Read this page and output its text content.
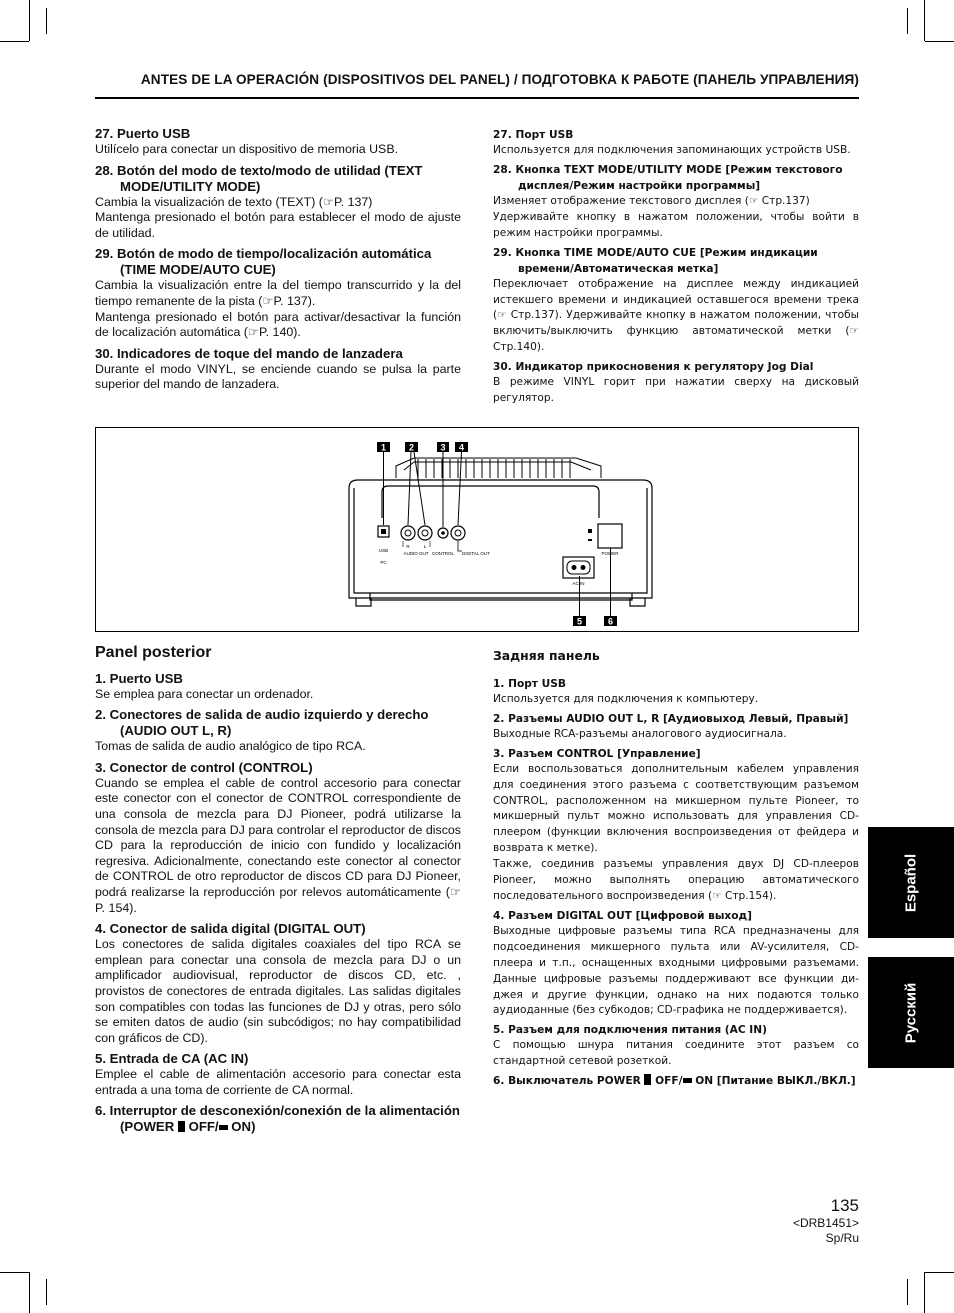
ANTES DE LA OPERACIÓN (DISPOSITIVOS DEL PANEL) / ПОДГОТОВКА К РАБОТЕ (ПАНЕЛЬ УПРАВЛЕНИЯ)
27. Puerto USB

Utilícelo para conectar un dispositivo de memoria USB.

28. Botón del modo de texto/modo de utilidad (TEXT MODE/UTILITY MODE)

Cambia la visualización de texto (TEXT) (☞P. 137)

Mantenga presionado el botón para establecer el modo de ajuste de utilidad.

29. Botón de modo de tiempo/localización automática (TIME MODE/AUTO CUE)

Cambia la visualización entre la del tiempo transcurrido y la del tiempo remanente de la pista (☞P. 137).

Mantenga presionado el botón para activar/desactivar la función de localización automática (☞P. 140).

30. Indicadores de toque del mando de lanzadera

Durante el modo VINYL, se enciende cuando se pulsa la parte superior del mando de lanzadera.

27. Порт USB

Используется для подключения запоминающих устройств USB.

28. Кнопка TEXT MODE/UTILITY MODE [Режим текстового дисплея/Режим настройки программы]

Изменяет отображение текстового дисплея (☞ Стр.137)

Удерживайте кнопку в нажатом положении, чтобы войти в режим настройки программы.

29. Кнопка TIME MODE/AUTO CUE [Режим индикации времени/Автоматическая метка]

Переключает отображение на дисплее между индикацией истекшего времени и индикацией оставшегося времени трека (☞ Стр.137). Удерживайте кнопку в нажатом положении, чтобы включить/выключить функцию автоматической метки (☞ Стр.140).

30. Индикатор прикосновения к регулятору Jog Dial

В режиме VINYL горит при нажатии сверху на дисковый регулятор.

1	2	3 4
5	6
USB
PC
R	L
AUDIO OUT CONTROL DIGITAL OUT	POWER
AC IN
Panel posterior
1. Puerto USB

Se emplea para conectar un ordenador.

2. Conectores de salida de audio izquierdo y derecho (AUDIO OUT L, R)

Tomas de salida de audio analógico de tipo RCA.

3. Conector de control (CONTROL)

Cuando se emplea el cable de control accesorio para conectar este conector con el conector de CONTROL correspondiente de una consola de mezcla para DJ Pioneer, podrá utilizarse la consola de mezcla para DJ para controlar el reproductor de discos CD para la reproducción de inicio con fundido y localización regresiva. Adicionalmente, conectando este conector al conector de CONTROL de otro reproductor de discos CD para DJ Pioneer, podrá realizarse la reproducción por relevos automáticamente (☞ P. 154).

4. Conector de salida digital (DIGITAL OUT)

Los conectores de salida digitales coaxiales del tipo RCA se emplean para conectar una consola de mezcla para DJ o un amplificador audiovisual, reproductor de discos CD, etc. , provistos de conectores de entrada digitales. Las salidas digitales son compatibles con todas las funciones de DJ y otras, pero sólo se emiten datos de audio (sin subcódigos; no hay compatibilidad con gráficos de CD).

5. Entrada de CA (AC IN)

Emplee el cable de alimentación accesorio para conectar esta entrada a una toma de corriente de CA normal.

6. Interruptor de desconexión/conexión de la alimentación (POWER OFF/ ON)
Задняя панель
1. Порт USB

Используется для подключения к компьютеру.

2. Разъемы AUDIO OUT L, R [Аудиовыход Левый, Правый]

Выходные RCA-разъемы аналогового аудиосигнала.

3. Разъем CONTROL [Управление]

Если воспользоваться дополнительным кабелем управления для соединения этого разъема с соответствующим разъемом CONTROL, расположенном на микшерном пульте Pioneer, то микшерный пульт можно использовать для управления CD-плеером (функции включения воспроизведения от фейдера и возврата к метке).

Также, соединив разъемы управления двух DJ CD-плееров Pioneer, можно выполнять операцию автоматического последовательного воспроизведения (☞ Стр.154).

4. Разъем DIGITAL OUT [Цифровой выход]

Выходные цифровые разъемы типа RCA предназначены для подсоединения микшерного пульта или AV-усилителя, CD-плеера и т.п., оснащенных входными цифровыми разъемами. Данные цифровые разъемы поддерживают все функции ди-джея и другие функции, однако на них подаются только аудиоданные (без субкодов; CD-графика не поддерживается).

5. Разъем для подключения питания (AC IN)

С помощью шнура питания соедините этот разъем со стандартной сетевой розеткой.

6. Выключатель POWER OFF/ ON [Питание ВЫКЛ./ВКЛ.]
Español
Русский
135
<DRB1451>
Sp/Ru
